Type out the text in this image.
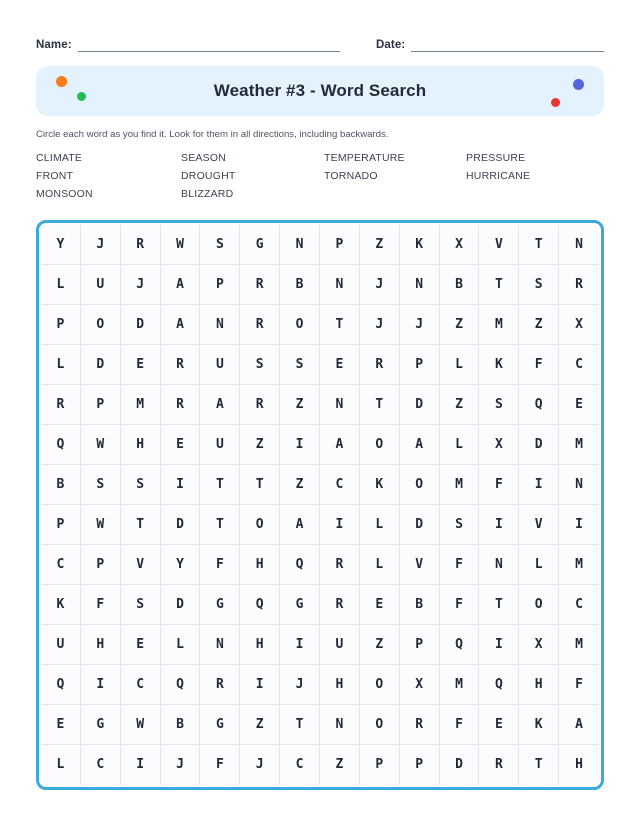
Name:	Date:
Weather #3 - Word Search

Circle each word as you find it. Look for them in all directions, including backwards.

CLIMATE	SEASON	TEMPERATURE	PRESSURE
FRONT	DROUGHT	TORNADO	HURRICANE
MONSOON	BLIZZARD
Y	J	R	W	S	G	N	P	Z	K	X	V	T	N
L	U	J	A	P	R	B	N	J	N	B	T	S	R
P	O	D	A	N	R	O	T	J	J	Z	M	Z	X
L	D	E	R	U	S	S	E	R	P	L	K	F	C
R	P	M	R	A	R	Z	N	T	D	Z	S	Q	E
Q	W	H	E	U	Z	I	A	O	A	L	X	D	M
B	S	S	I	T	T	Z	C	K	O	M	F	I	N
P	W	T	D	T	O	A	I	L	D	S	I	V	I
C	P	V	Y	F	H	Q	R	L	V	F	N	L	M
K	F	S	D	G	Q	G	R	E	B	F	T	O	C
U	H	E	L	N	H	I	U	Z	P	Q	I	X	M
Q	I	C	Q	R	I	J	H	O	X	M	Q	H	F
E	G	W	B	G	Z	T	N	O	R	F	E	K	A
L	C	I	J	F	J	C	Z	P	P	D	R	T	H
